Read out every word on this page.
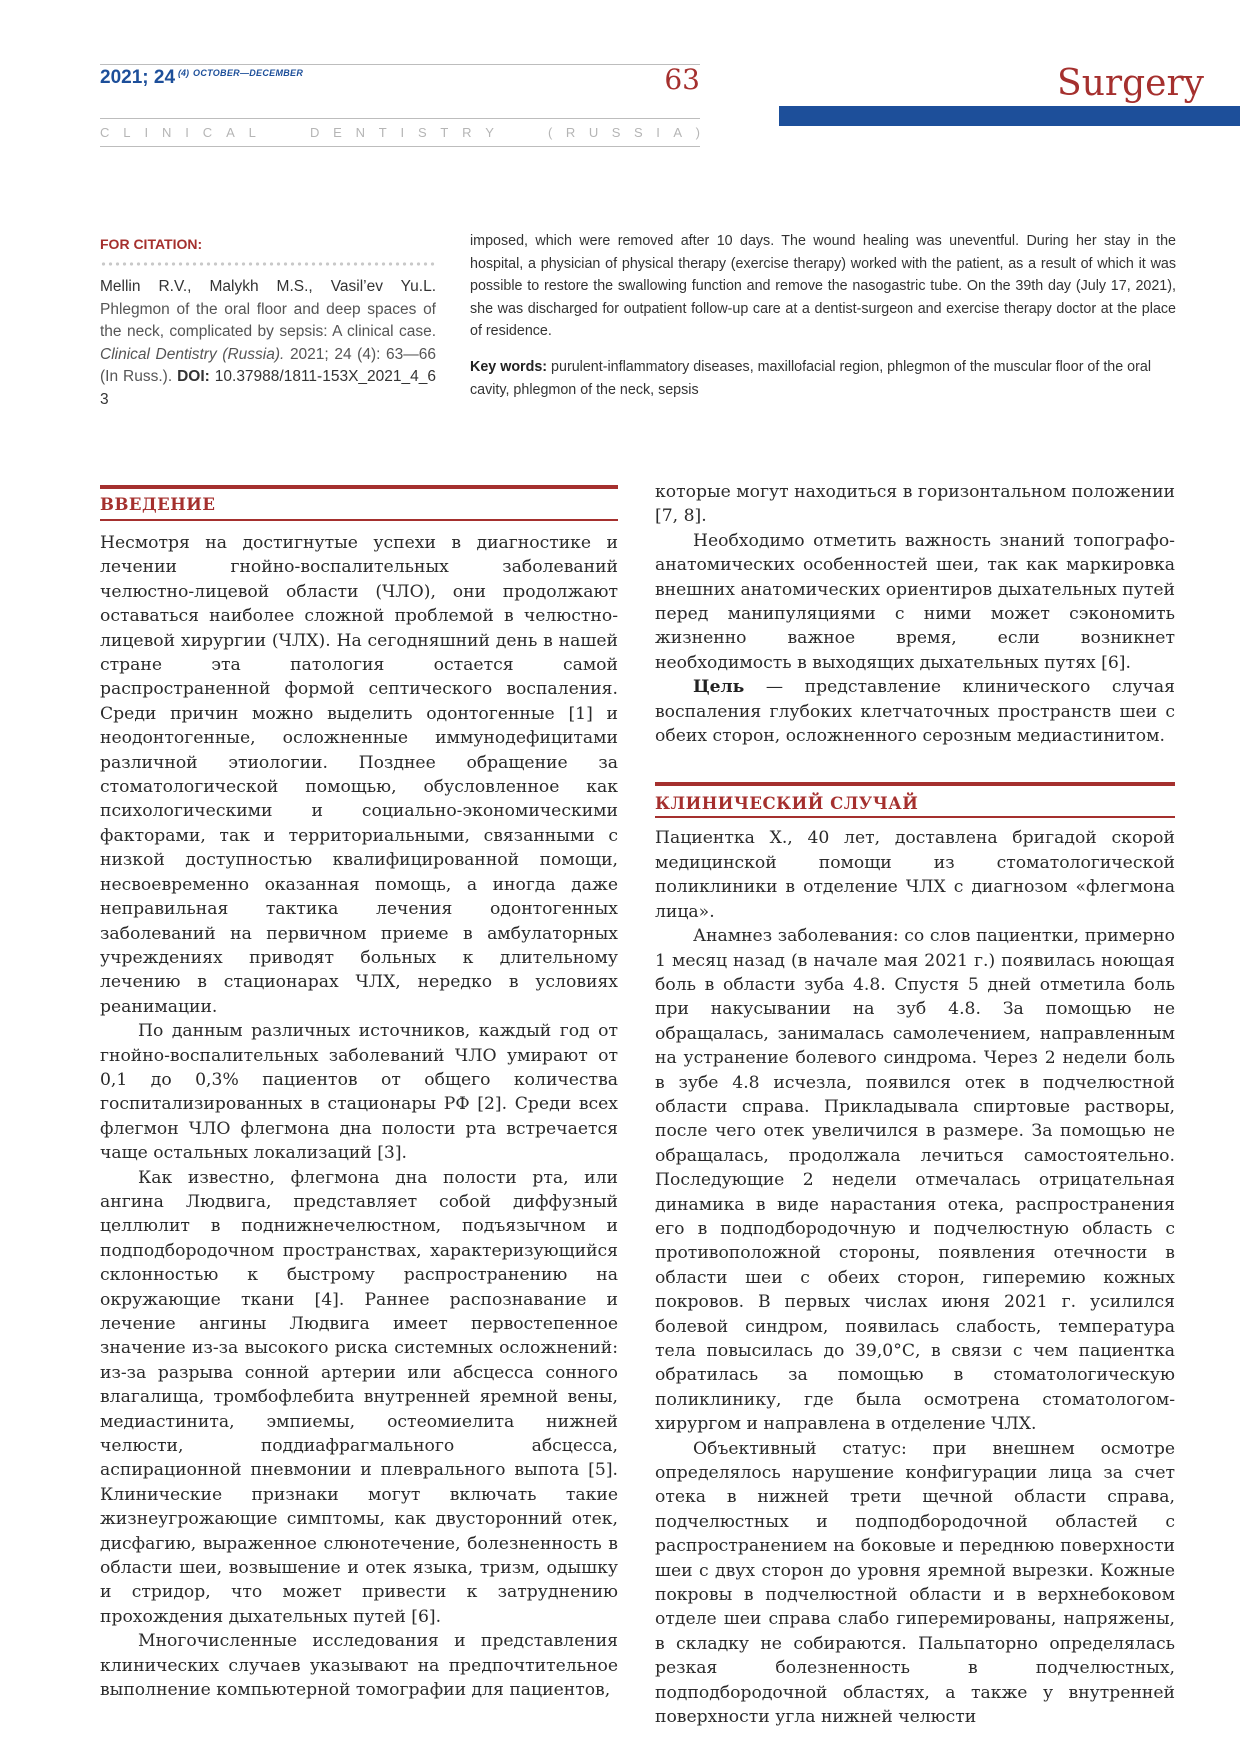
2021; 24 $^{(4) OCTOBER—DECEMBER}$	63
C L I N I C A L	D E N T I S T R Y	( R U S S I A )
Surgery
FOR CITATION:
Mellin R.V., Malykh M.S., Vasil’ev Yu.L. Phlegmon of the oral floor and deep spaces of the neck, complicated by sepsis: A clinical case. Clinical Dentistry (Russia). 2021; 24 (4): 63—66 (In Russ.). DOI: 10.37988/1811-153X_2021_4_63
imposed, which were removed after 10 days. The wound healing was uneventful. During her stay in the hospital, a physician of physical therapy (exercise therapy) worked with the patient, as a result of which it was possible to restore the swallowing function and remove the nasogastric tube. On the 39th day (July 17, 2021), she was discharged for outpatient follow-up care at a dentist-surgeon and exercise therapy doctor at the place of residence.
Key words: purulent-inflammatory diseases, maxillofacial region, phlegmon of the muscular floor of the oral cavity, phlegmon of the neck, sepsis
ВВЕДЕНИЕ

Несмотря на достигнутые успехи в диагностике и лечении гнойно-воспалительных заболеваний челюстно-лицевой области (ЧЛО), они продолжают оставаться наиболее сложной проблемой в челюстно-лицевой хирургии (ЧЛХ). На сегодняшний день в нашей стране эта патология остается самой распространенной формой септического воспаления. Среди причин можно выделить одонтогенные [1] и неодонтогенные, осложненные иммунодефицитами различной этиологии. Позднее обращение за стоматологической помощью, обусловленное как психологическими и социально-экономическими факторами, так и территориальными, связанными с низкой доступностью квалифицированной помощи, несвоевременно оказанная помощь, а иногда даже неправильная тактика лечения одонтогенных заболеваний на первичном приеме в амбулаторных учреждениях приводят больных к длительному лечению в стационарах ЧЛХ, нередко в условиях реанимации.

По данным различных источников, каждый год от гнойно-воспалительных заболеваний ЧЛО умирают от 0,1 до 0,3% пациентов от общего количества госпитализированных в стационары РФ [2]. Среди всех флегмон ЧЛО флегмона дна полости рта встречается чаще остальных локализаций [3].

Как известно, флегмона дна полости рта, или ангина Людвига, представляет собой диффузный целлюлит в поднижнечелюстном, подъязычном и подподбородочном пространствах, характеризующийся склонностью к быстрому распространению на окружающие ткани [4]. Раннее распознавание и лечение ангины Людвига имеет первостепенное значение из-за высокого риска системных осложнений: из-за разрыва сонной артерии или абсцесса сонного влагалища, тромбофлебита внутренней яремной вены, медиастинита, эмпиемы, остеомиелита нижней челюсти, поддиафрагмального абсцесса, аспирационной пневмонии и плеврального выпота [5]. Клинические признаки могут включать такие жизнеугрожающие симптомы, как двусторонний отек, дисфагию, выраженное слюнотечение, болезненность в области шеи, возвышение и отек языка, тризм, одышку и стридор, что может привести к затруднению прохождения дыхательных путей [6].

Многочисленные исследования и представления клинических случаев указывают на предпочтительное выполнение компьютерной томографии для пациентов,

которые могут находиться в горизонтальном положении [7, 8].

Необходимо отметить важность знаний топографо-анатомических особенностей шеи, так как маркировка внешних анатомических ориентиров дыхательных путей перед манипуляциями с ними может сэкономить жизненно важное время, если возникнет необходимость в выходящих дыхательных путях [6].

Цель — представление клинического случая воспаления глубоких клетчаточных пространств шеи с обеих сторон, осложненного серозным медиастинитом.

КЛИНИЧЕСКИЙ СЛУЧАЙ

Пациентка Х., 40 лет, доставлена бригадой скорой медицинской помощи из стоматологической поликлиники в отделение ЧЛХ с диагнозом «флегмона лица».

Анамнез заболевания: со слов пациентки, примерно 1 месяц назад (в начале мая 2021 г.) появилась ноющая боль в области зуба 4.8. Спустя 5 дней отметила боль при накусывании на зуб 4.8. За помощью не обращалась, занималась самолечением, направленным на устранение болевого синдрома. Через 2 недели боль в зубе 4.8 исчезла, появился отек в подчелюстной области справа. Прикладывала спиртовые растворы, после чего отек увеличился в размере. За помощью не обращалась, продолжала лечиться самостоятельно. Последующие 2 недели отмечалась отрицательная динамика в виде нарастания отека, распространения его в подподбородочную и подчелюстную область с противоположной стороны, появления отечности в области шеи с обеих сторон, гиперемию кожных покровов. В первых числах июня 2021 г. усилился болевой синдром, появилась слабость, температура тела повысилась до 39,0°С, в связи с чем пациентка обратилась за помощью в стоматологическую поликлинику, где была осмотрена стоматологом-хирургом и направлена в отделение ЧЛХ.

Объективный статус: при внешнем осмотре определялось нарушение конфигурации лица за счет отека в нижней трети щечной области справа, подчелюстных и подподбородочной областей с распространением на боковые и переднюю поверхности шеи с двух сторон до уровня яремной вырезки. Кожные покровы в подчелюстной области и в верхнебоковом отделе шеи справа слабо гиперемированы, напряжены, в складку не собираются. Пальпаторно определялась резкая болезненность в подчелюстных, подподбородочной областях, а также у внутренней поверхности угла нижней челюсти
